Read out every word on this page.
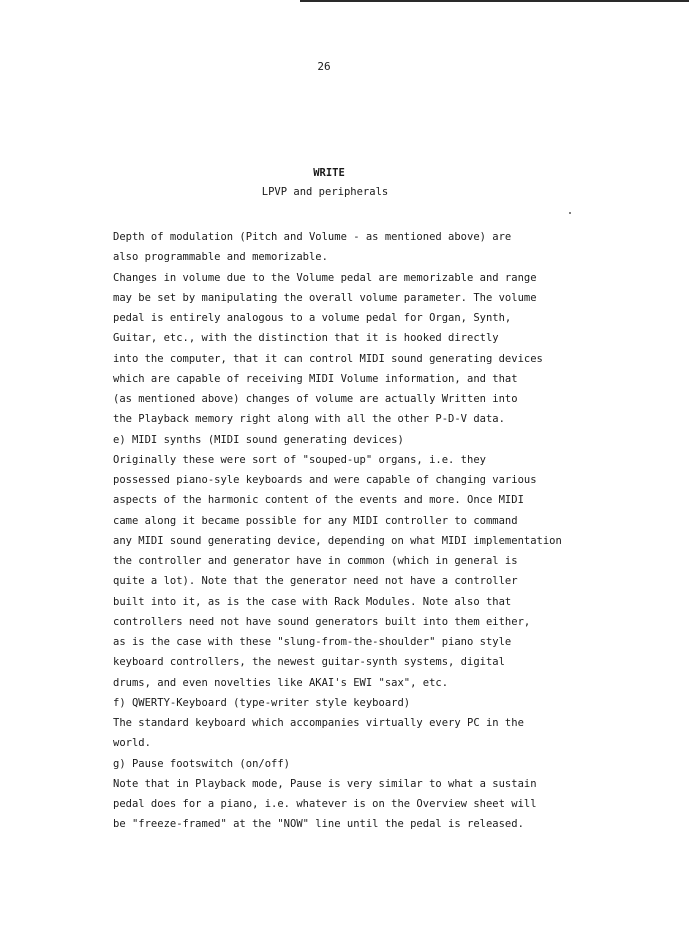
26
WRITE
LPVP and peripherals
Depth of modulation (Pitch and Volume - as mentioned above) are
also programmable and memorizable.
Changes in volume due to the Volume pedal are memorizable and range
may be set by manipulating the overall volume parameter. The volume
pedal is entirely analogous to a volume pedal for Organ, Synth,
Guitar, etc., with the distinction that it is hooked directly
into the computer, that it can control MIDI sound generating devices
which are capable of receiving MIDI Volume information, and that
(as mentioned above) changes of volume are actually Written into
the Playback memory right along with all the other P-D-V data.
e) MIDI synths (MIDI sound generating devices)
Originally these were sort of "souped-up" organs, i.e. they
possessed piano-syle keyboards and were capable of changing various
aspects of the harmonic content of the events and more. Once MIDI
came along it became possible for any MIDI controller to command
any MIDI sound generating device, depending on what MIDI implementation
the controller and generator have in common (which in general is
quite a lot). Note that the generator need not have a controller
built into it, as is the case with Rack Modules. Note also that
controllers need not have sound generators built into them either,
as is the case with these "slung-from-the-shoulder" piano style
keyboard controllers, the newest guitar-synth systems, digital
drums, and even novelties like AKAI's EWI "sax", etc.
f) QWERTY-Keyboard (type-writer style keyboard)
The standard keyboard which accompanies virtually every PC in the
world.
g) Pause footswitch (on/off)
Note that in Playback mode, Pause is very similar to what a sustain
pedal does for a piano, i.e. whatever is on the Overview sheet will
be "freeze-framed" at the "NOW" line until the pedal is released.
